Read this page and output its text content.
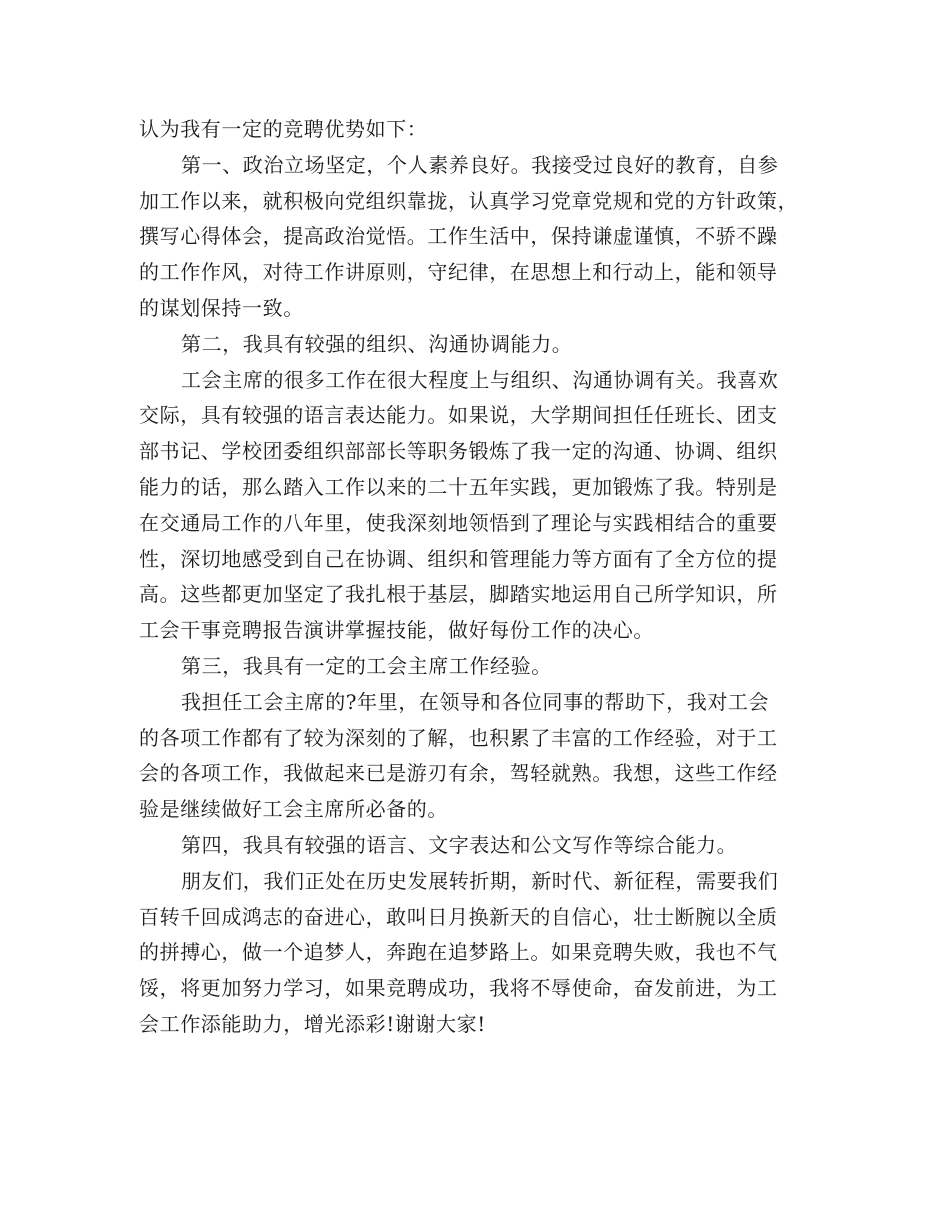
认为我有一定的竞聘优势如下：
第一、政治立场坚定，个人素养良好。我接受过良好的教育，自参
加工作以来，就积极向党组织靠拢，认真学习党章党规和党的方针政策，
撰写心得体会，提高政治觉悟。工作生活中，保持谦虚谨慎，不骄不躁
的工作作风，对待工作讲原则，守纪律，在思想上和行动上，能和领导
的谋划保持一致。
第二，我具有较强的组织、沟通协调能力。
工会主席的很多工作在很大程度上与组织、沟通协调有关。我喜欢
交际，具有较强的语言表达能力。如果说，大学期间担任任班长、团支
部书记、学校团委组织部部长等职务锻炼了我一定的沟通、协调、组织
能力的话，那么踏入工作以来的二十五年实践，更加锻炼了我。特别是
在交通局工作的八年里，使我深刻地领悟到了理论与实践相结合的重要
性，深切地感受到自己在协调、组织和管理能力等方面有了全方位的提
高。这些都更加坚定了我扎根于基层，脚踏实地运用自己所学知识，所
工会干事竞聘报告演讲掌握技能，做好每份工作的决心。
第三，我具有一定的工会主席工作经验。
我担任工会主席的?年里，在领导和各位同事的帮助下，我对工会
的各项工作都有了较为深刻的了解，也积累了丰富的工作经验，对于工
会的各项工作，我做起来已是游刃有余，驾轻就熟。我想，这些工作经
验是继续做好工会主席所必备的。
第四，我具有较强的语言、文字表达和公文写作等综合能力。
朋友们，我们正处在历史发展转折期，新时代、新征程，需要我们
百转千回成鸿志的奋进心，敢叫日月换新天的自信心，壮士断腕以全质
的拼搏心，做一个追梦人，奔跑在追梦路上。如果竞聘失败，我也不气
馁，将更加努力学习，如果竞聘成功，我将不辱使命，奋发前进，为工
会工作添能助力，增光添彩!谢谢大家!
